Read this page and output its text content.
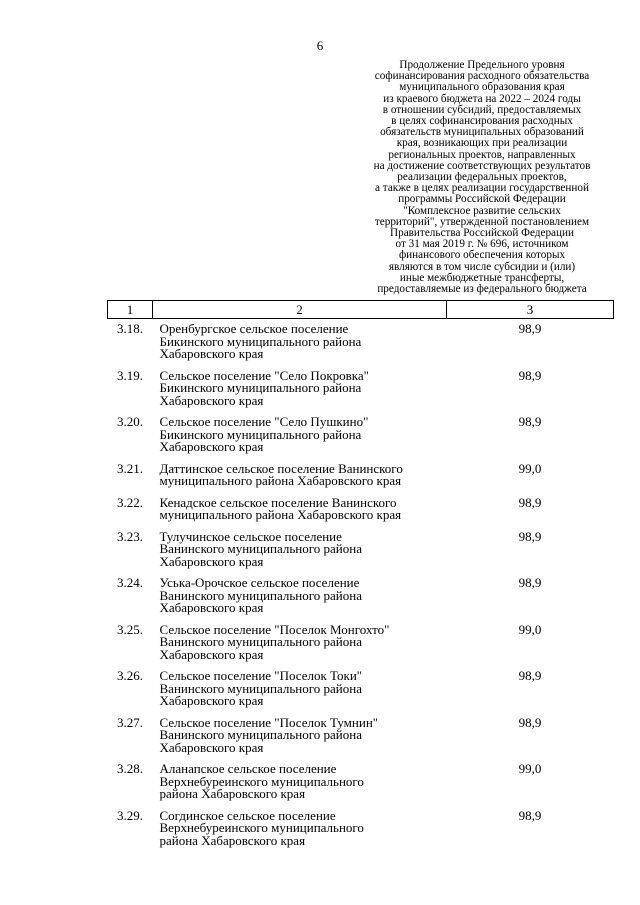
6
Продолжение Предельного уровня
софинансирования расходного обязательства
муниципального образования края
из краевого бюджета на 2022 – 2024 годы
в отношении субсидий, предоставляемых
в целях софинансирования расходных
обязательств муниципальных образований
края, возникающих при реализации
региональных проектов, направленных
на достижение соответствующих результатов
реализации федеральных проектов,
а также в целях реализации государственной
программы Российской Федерации
"Комплексное развитие сельских
территорий", утвержденной постановлением
Правительства Российской Федерации
от 31 мая 2019 г. № 696, источником
финансового обеспечения которых
являются в том числе субсидии и (или)
иные межбюджетные трансферты,
предоставляемые из федерального бюджета
1	2	3
3.18.	Оренбургское сельское поселение
Бикинского муниципального района
Хабаровского края	98,9
3.19.	Сельское поселение "Село Покровка"
Бикинского муниципального района
Хабаровского края	98,9
3.20.	Сельское поселение "Село Пушкино"
Бикинского муниципального района
Хабаровского края	98,9
3.21.	Даттинское сельское поселение Ванинского
муниципального района Хабаровского края	99,0
3.22.	Кенадское сельское поселение Ванинского
муниципального района Хабаровского края	98,9
3.23.	Тулучинское сельское поселение
Ванинского муниципального района
Хабаровского края	98,9
3.24.	Уська-Орочское сельское поселение
Ванинского муниципального района
Хабаровского края	98,9
3.25.	Сельское поселение "Поселок Монгохто"
Ванинского муниципального района
Хабаровского края	99,0
3.26.	Сельское поселение "Поселок Токи"
Ванинского муниципального района
Хабаровского края	98,9
3.27.	Сельское поселение "Поселок Тумнин"
Ванинского муниципального района
Хабаровского края	98,9
3.28.	Аланапское сельское поселение
Верхнебуреинского муниципального
района Хабаровского края	99,0
3.29.	Согдинское сельское поселение
Верхнебуреинского муниципального
района Хабаровского края	98,9
